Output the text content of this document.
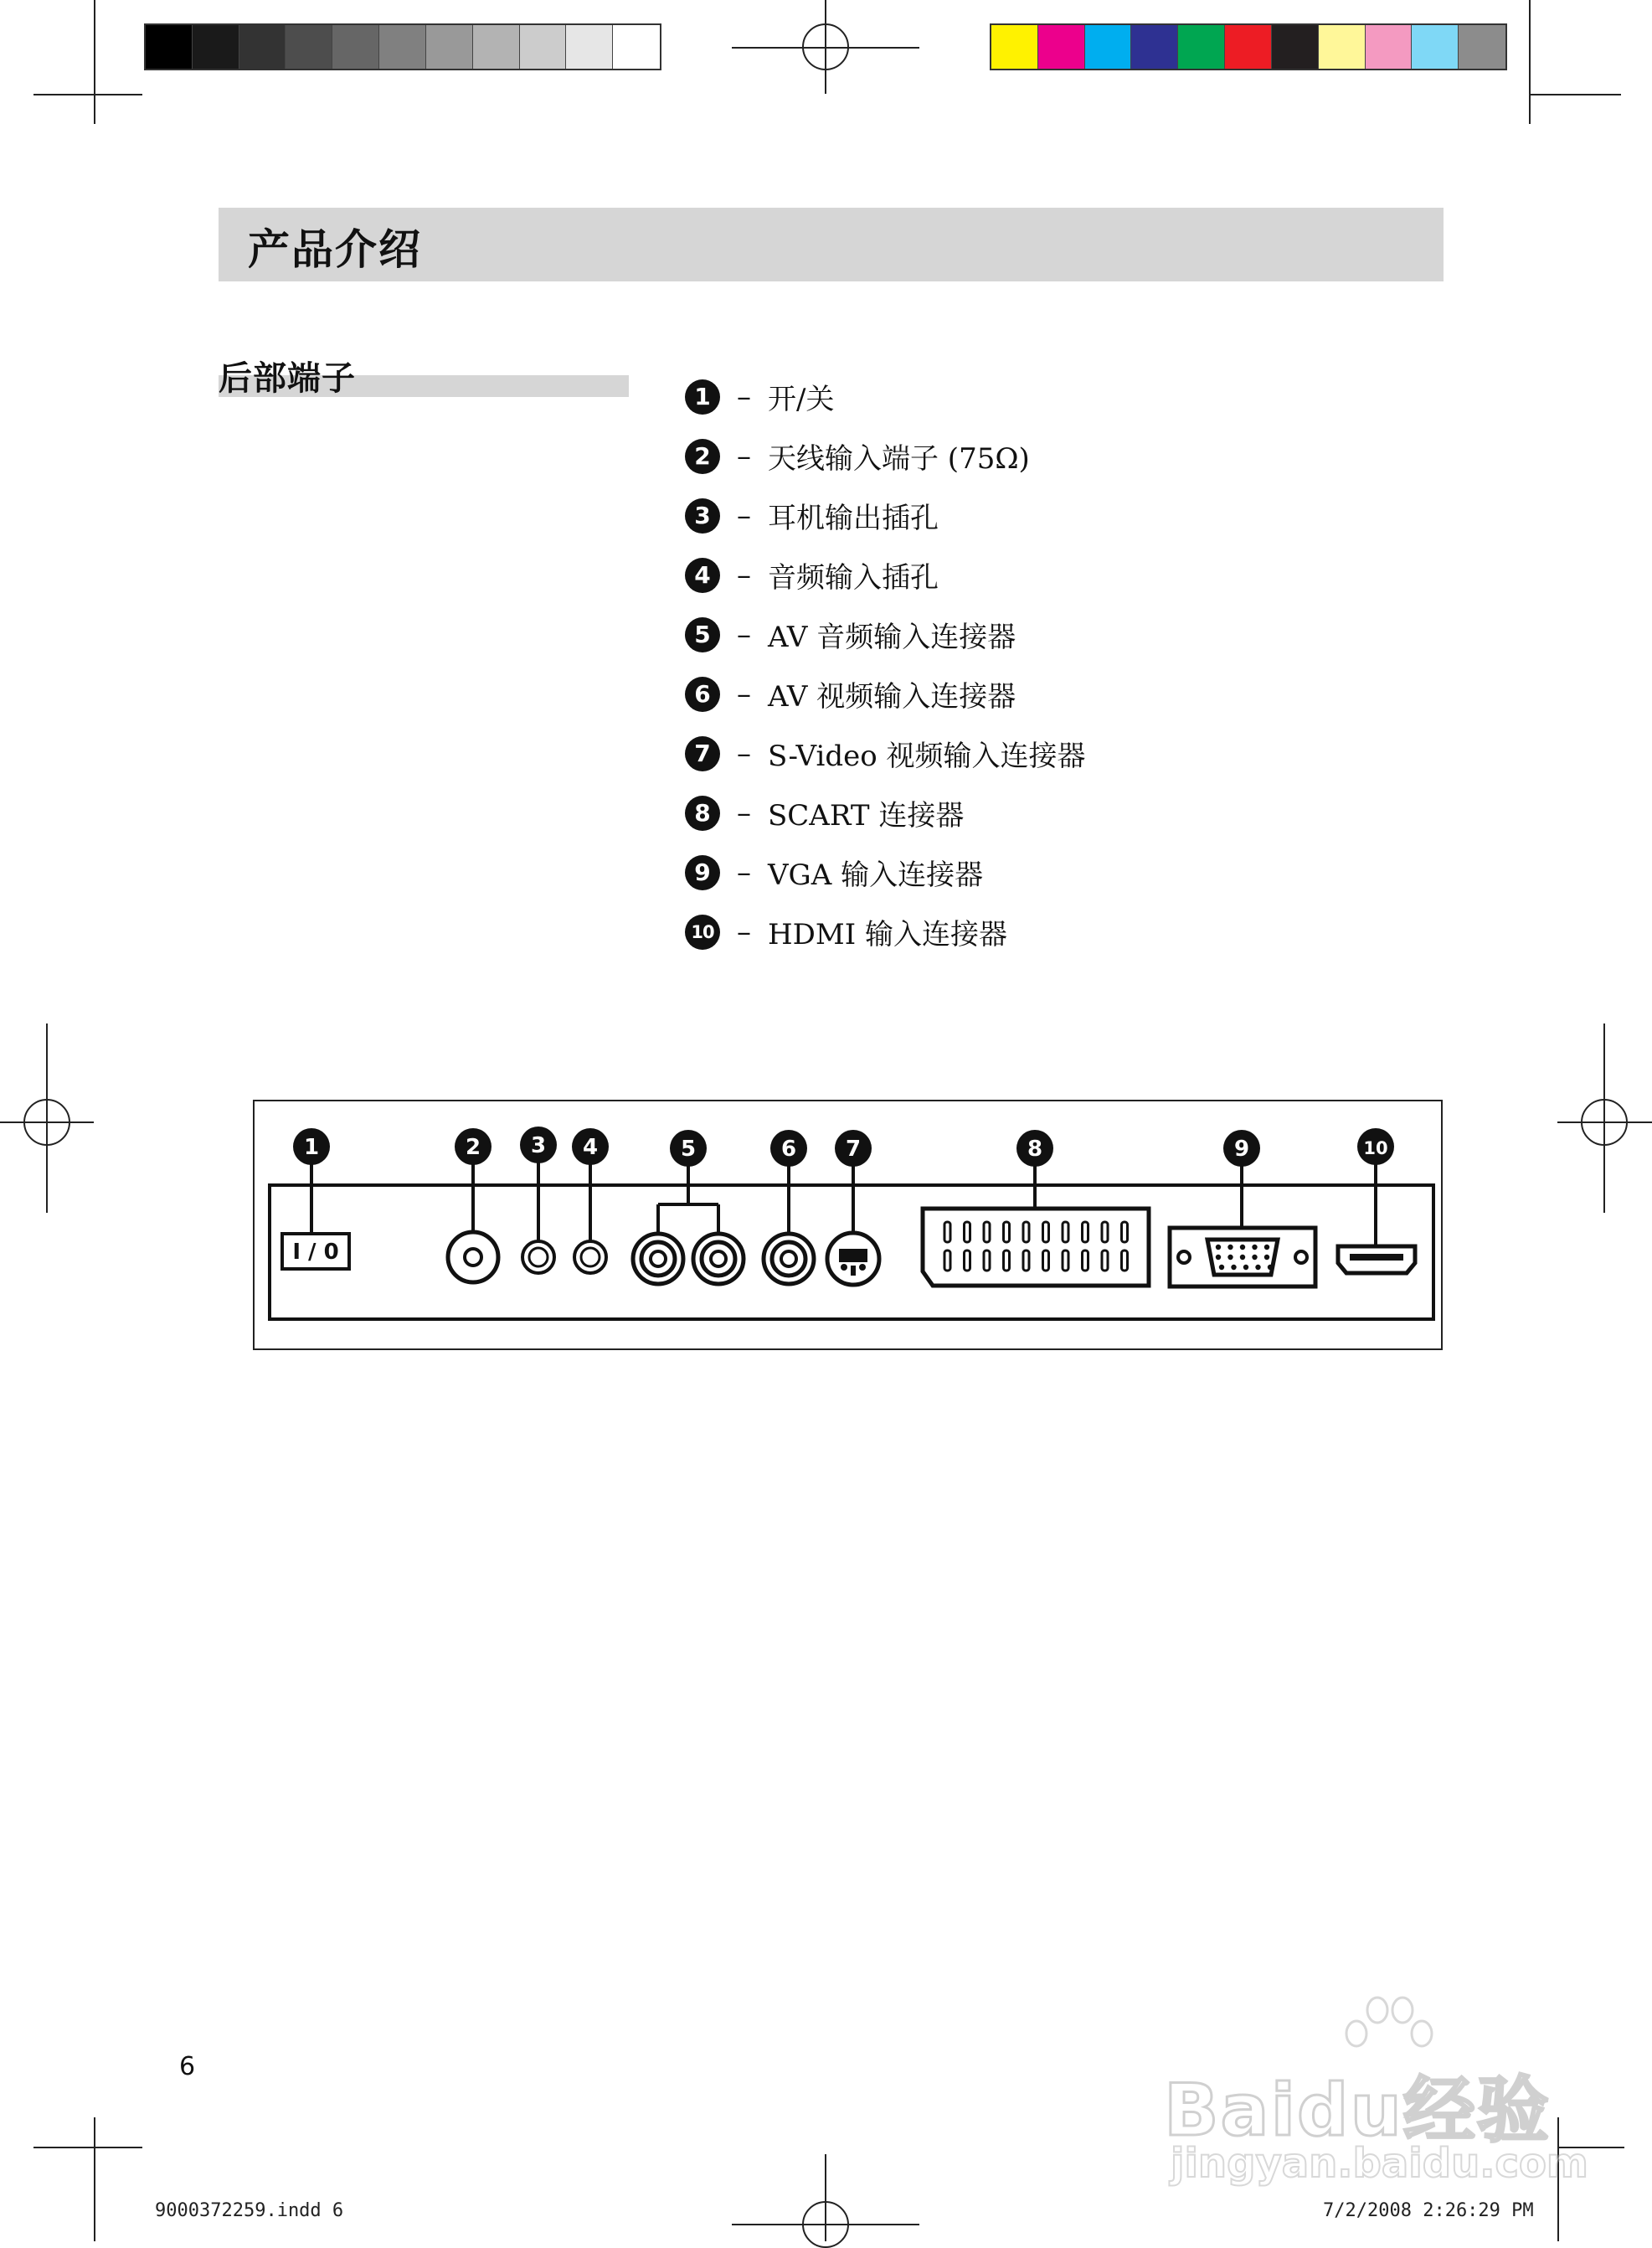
产品介绍
后部端子	1 – 开/关
2 – 天线输入端子 (75Ω)
3 – 耳机输出插孔
4 – 音频输入插孔
5 – AV 音频输入连接器
6 – AV 视频输入连接器
7 – S-Video 视频输入连接器
8 – SCART 连接器
9 – VGA 输入连接器
10 – HDMI 输入连接器
I / 0
1	2 3 4	5	6 7	8	9	10
6
Baidu经验
jingyan.baidu.com
9000372259.indd 6	7/2/2008 2:26:29 PM
